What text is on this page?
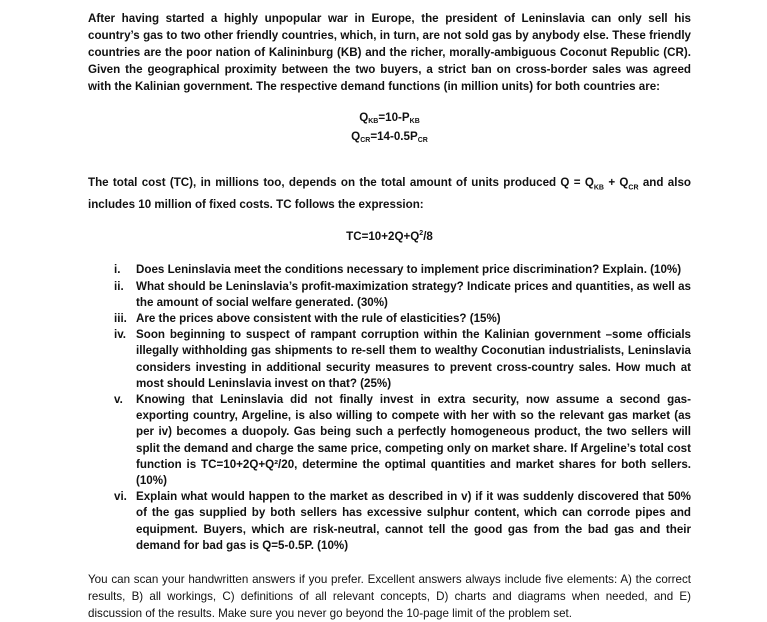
After having started a highly unpopular war in Europe, the president of Leninslavia can only sell his country’s gas to two other friendly countries, which, in turn, are not sold gas by anybody else. These friendly countries are the poor nation of Kalininburg (KB) and the richer, morally-ambiguous Coconut Republic (CR). Given the geographical proximity between the two buyers, a strict ban on cross-border sales was agreed with the Kalinian government. The respective demand functions (in million units) for both countries are:

$Q_{KB}=10-P_{KB}$

$Q_{CR}=14-0.5P_{CR}$

The total cost (TC), in millions too, depends on the total amount of units produced $Q = Q_{KB} + Q_{CR}$ and also includes 10 million of fixed costs. TC follows the expression:

$TC=10+2Q+Q^2/8$

i.	Does Leninslavia meet the conditions necessary to implement price discrimination? Explain. (10%)
ii.	What should be Leninslavia’s profit-maximization strategy? Indicate prices and quantities, as well as the amount of social welfare generated. (30%)
iii. Are the prices above consistent with the rule of elasticities? (15%)
iv. Soon beginning to suspect of rampant corruption within the Kalinian government –some officials illegally withholding gas shipments to re-sell them to wealthy Coconutian industrialists, Leninslavia considers investing in additional security measures to prevent cross-country sales. How much at most should Leninslavia invest on that? (25%)
v.	Knowing that Leninslavia did not finally invest in extra security, now assume a second gas-exporting country, Argeline, is also willing to compete with her with so the relevant gas market (as per iv) becomes a duopoly. Gas being such a perfectly homogeneous product, the two sellers will split the demand and charge the same price, competing only on market share. If Argeline’s total cost function is TC=10+2Q+Q²/20, determine the optimal quantities and market shares for both sellers. (10%)
vi. Explain what would happen to the market as described in v) if it was suddenly discovered that 50% of the gas supplied by both sellers has excessive sulphur content, which can corrode pipes and equipment. Buyers, which are risk-neutral, cannot tell the good gas from the bad gas and their demand for bad gas is Q=5-0.5P. (10%)

You can scan your handwritten answers if you prefer. Excellent answers always include five elements: A) the correct results, B) all workings, C) definitions of all relevant concepts, D) charts and diagrams when needed, and E) discussion of the results. Make sure you never go beyond the 10-page limit of the problem set.
